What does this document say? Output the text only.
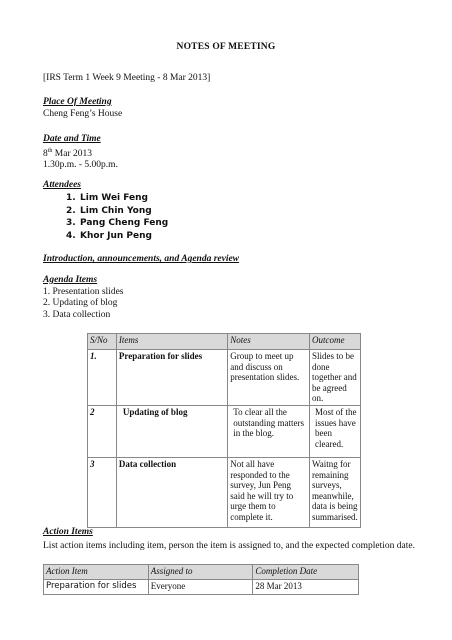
NOTES OF MEETING
[IRS Term 1 Week 9 Meeting - 8 Mar 2013]
Place Of Meeting
Cheng Feng’s House
Date and Time
8th Mar 2013
1.30p.m. - 5.00p.m.
Attendees
1. Lim Wei Feng
2. Lim Chin Yong
3. Pang Cheng Feng
4. Khor Jun Peng
Introduction, announcements, and Agenda review
Agenda Items
1. Presentation slides
2. Updating of blog
3. Data collection
S/No	Items	Notes	Outcome
1.	Preparation for slides	Group to meet up and discuss on presentation slides.	Slides to be done together and be agreed on.
2	Updating of blog	To clear all the outstanding matters in the blog.	Most of the issues have been cleared.
3	Data collection	Not all have responded to the survey, Jun Peng said he will try to urge them to complete it.	Waitng for remaining surveys, meanwhile, data is being summarised.
Action Items
List action items including item, person the item is assigned to, and the expected completion date.
Action Item	Assigned to	Completion Date
Preparation for slides	Everyone	28 Mar 2013
